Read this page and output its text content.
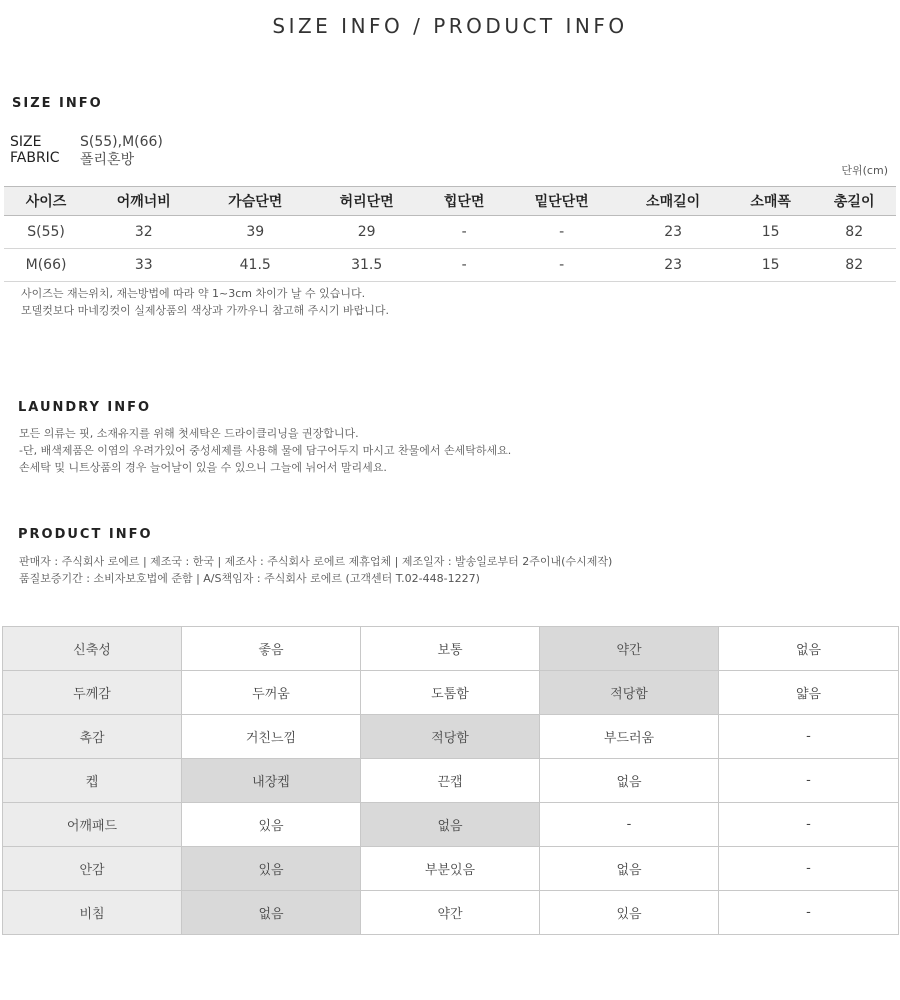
SIZE INFO / PRODUCT INFO
SIZE INFO
SIZE	S(55),M(66)
FABRIC 폴리혼방
단위(cm)
사이즈	어깨너비	가슴단면	허리단면	힙단면	밑단단면	소매길이	소매폭	총길이
S(55)	32	39	29	-	-	23	15	82
M(66)	33	41.5	31.5	-	-	23	15	82
사이즈는 재는위치, 재는방법에 따라 약 1~3cm 차이가 날 수 있습니다.
모델컷보다 마네킹컷이 실제상품의 색상과 가까우니 참고해 주시기 바랍니다.
LAUNDRY INFO
모든 의류는 핏, 소재유지를 위해 첫세탁은 드라이클리닝을 권장합니다.
-단, 배색제품은 이염의 우려가있어 중성세제를 사용해 물에 담구어두지 마시고 찬물에서 손세탁하세요.
손세탁 및 니트상품의 경우 늘어날이 있을 수 있으니 그늘에 뉘어서 말리세요.
PRODUCT INFO
판매자 : 주식회사 로에르 | 제조국 : 한국 | 제조사 : 주식회사 로에르 제휴업체 | 제조일자 : 발송일로부터 2주이내(수시제작)
품질보증기간 : 소비자보호법에 준함 | A/S책임자 : 주식회사 로에르 (고객센터 T.02-448-1227)
신축성	좋음	보통	약간	없음
두께감	두꺼움	도톰함	적당함	얇음
촉감	거친느낌	적당함	부드러움	-
켑	내장켑	끈캡	없음	-
어깨패드	있음	없음	-	-
안감	있음	부분있음	없음	-
비침	없음	약간	있음	-
